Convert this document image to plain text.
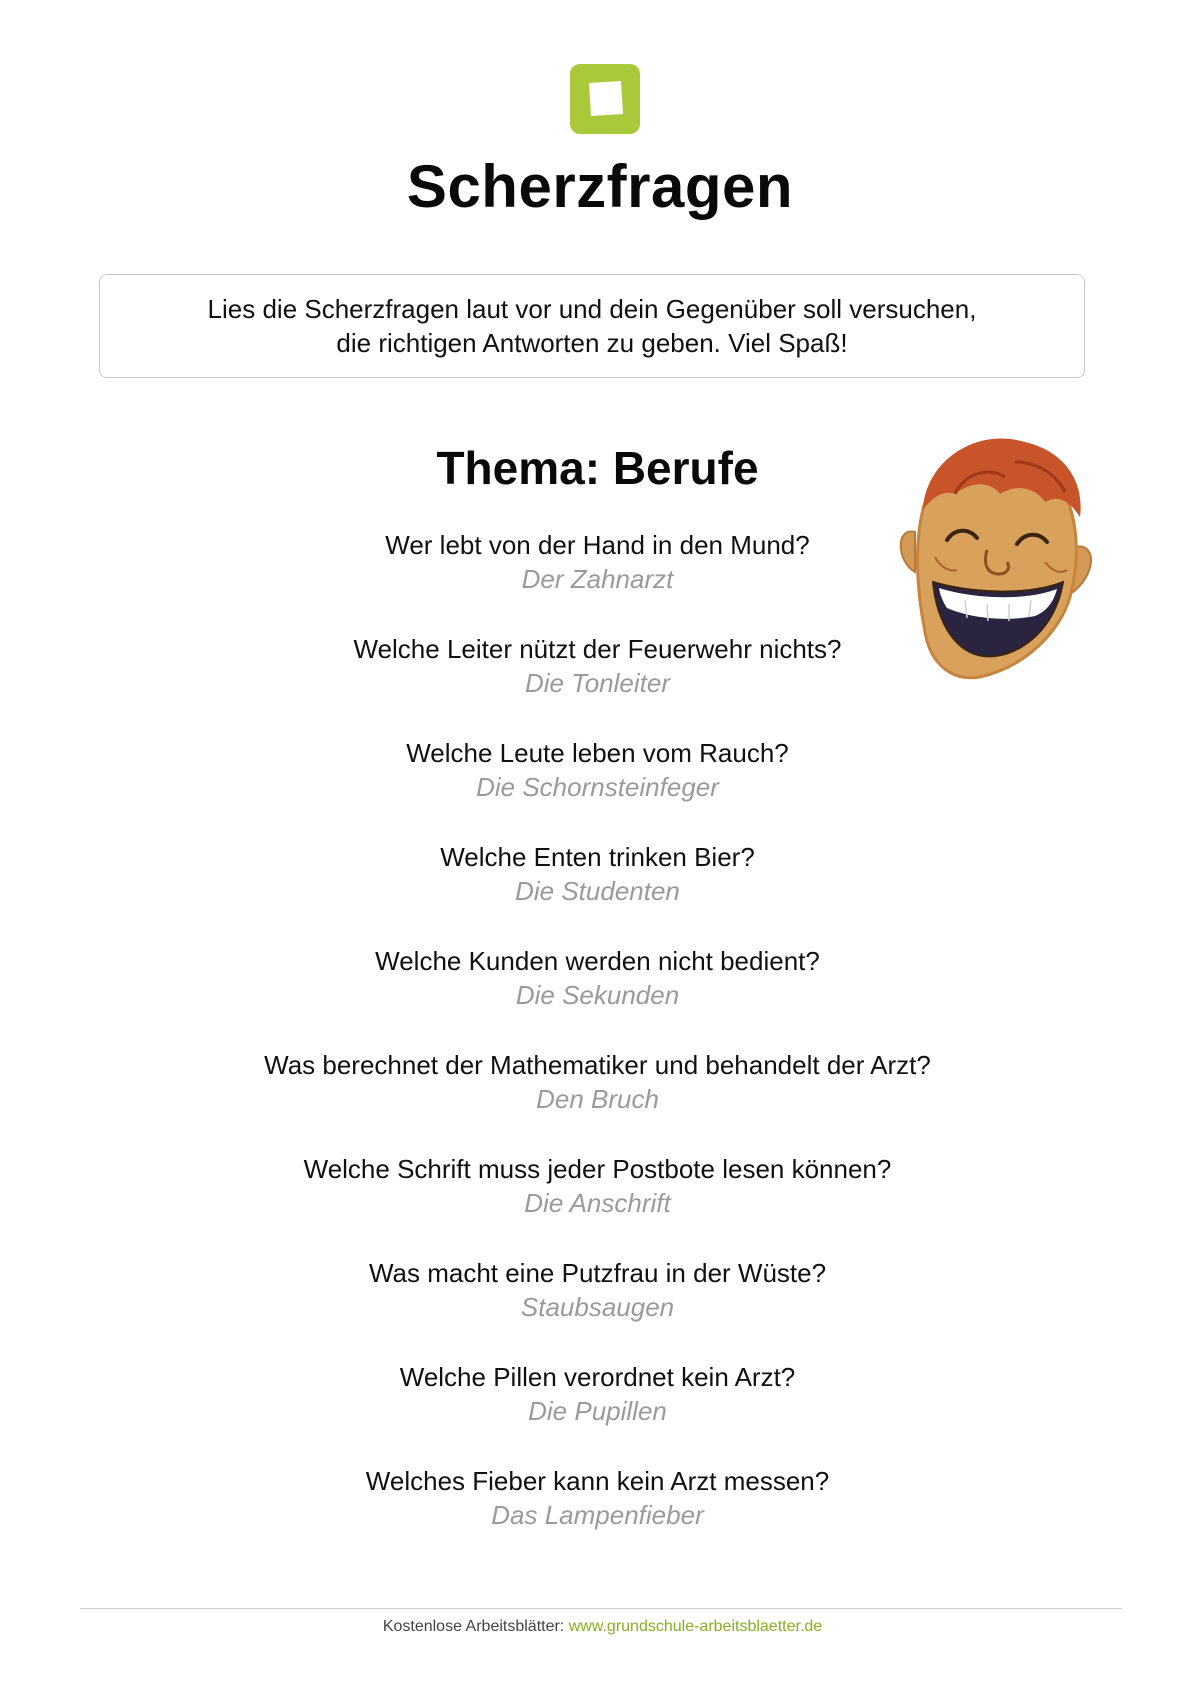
Scherzfragen
Lies die Scherzfragen laut vor und dein Gegenüber soll versuchen,
die richtigen Antworten zu geben. Viel Spaß!
Thema: Berufe
Wer lebt von der Hand in den Mund?
Der Zahnarzt
Welche Leiter nützt der Feuerwehr nichts?
Die Tonleiter
Welche Leute leben vom Rauch?
Die Schornsteinfeger
Welche Enten trinken Bier?
Die Studenten
Welche Kunden werden nicht bedient?
Die Sekunden
Was berechnet der Mathematiker und behandelt der Arzt?
Den Bruch
Welche Schrift muss jeder Postbote lesen können?
Die Anschrift
Was macht eine Putzfrau in der Wüste?
Staubsaugen
Welche Pillen verordnet kein Arzt?
Die Pupillen
Welches Fieber kann kein Arzt messen?
Das Lampenfieber
Kostenlose Arbeitsblätter: www.grundschule-arbeitsblaetter.de
